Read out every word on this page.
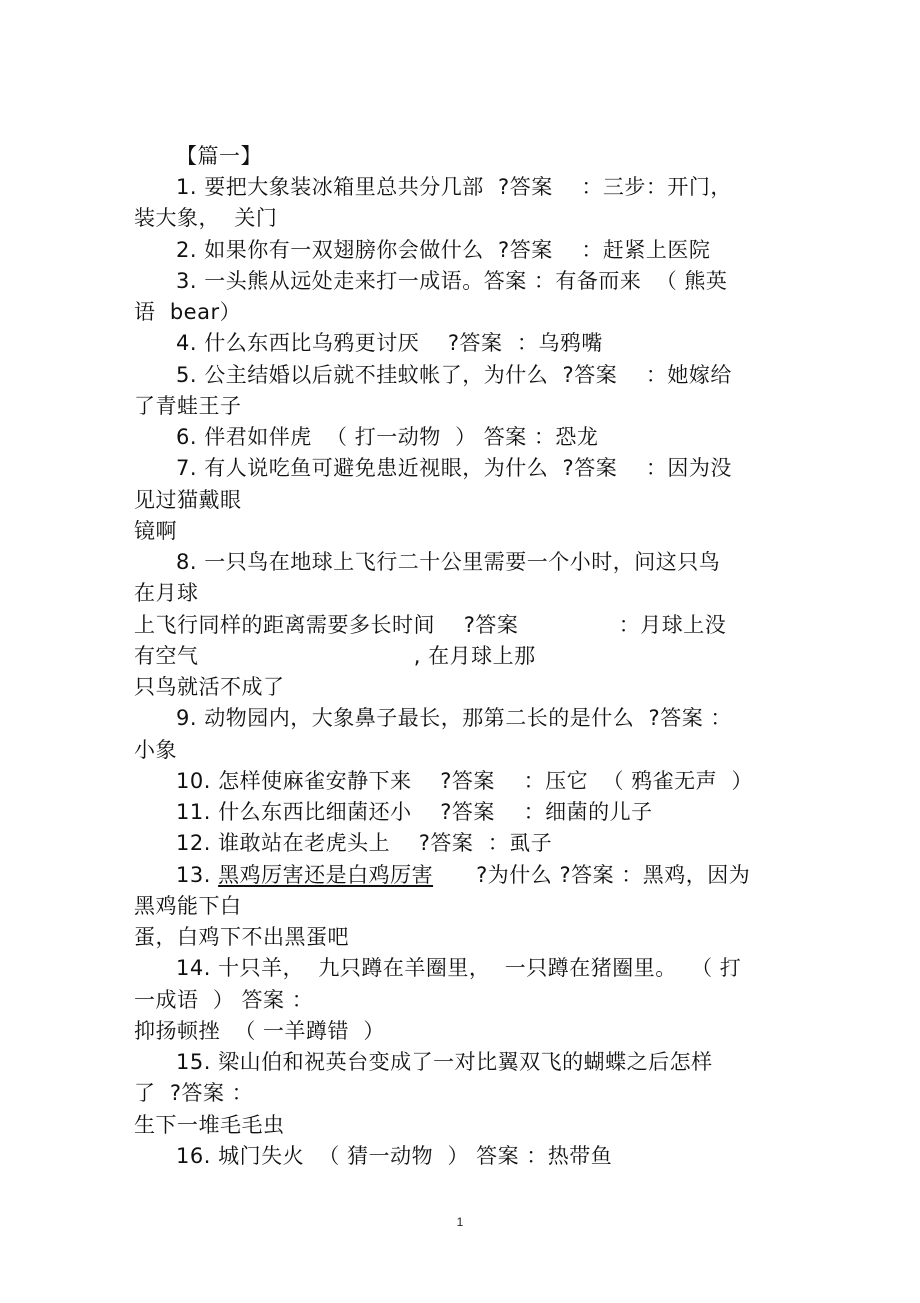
【篇一】
1. 要把大象装冰箱里总共分几部  ?答案    ：三步：开门，
装大象，  关门
2. 如果你有一双翅膀你会做什么  ?答案    ：赶紧上医院
3. 一头熊从远处走来打一成语。答案 ：有备而来  （ 熊英
语  bear）
4. 什么东西比乌鸦更讨厌    ?答案  ：乌鸦嘴
5. 公主结婚以后就不挂蚊帐了，为什么  ?答案    ：她嫁给
了青蛙王子
6. 伴君如伴虎  （ 打一动物  ） 答案 ：恐龙
7. 有人说吃鱼可避免患近视眼，为什么  ?答案    ：因为没
见过猫戴眼
镜啊
8. 一只鸟在地球上飞行二十公里需要一个小时，问这只鸟
在月球
上飞行同样的距离需要多长时间    ?答案              ：月球上没
有空气                              , 在月球上那
只鸟就活不成了
9. 动物园内，大象鼻子最长，那第二长的是什么  ?答案 ：
小象
10. 怎样使麻雀安静下来    ?答案    ：压它  （ 鸦雀无声  ）
11. 什么东西比细菌还小    ?答案    ：细菌的儿子
12. 谁敢站在老虎头上    ?答案  ：虱子
13. 黑鸡厉害还是白鸡厉害      ?为什么 ?答案 ：黑鸡，因为
黑鸡能下白
蛋，白鸡下不出黑蛋吧
14. 十只羊，  九只蹲在羊圈里，  一只蹲在猪圈里。  （ 打
一成语  ） 答案 ：
抑扬顿挫  （ 一羊蹲错  ）
15. 梁山伯和祝英台变成了一对比翼双飞的蝴蝶之后怎样
了  ?答案 ：
生下一堆毛毛虫
16. 城门失火  （ 猜一动物  ） 答案 ：热带鱼
1
